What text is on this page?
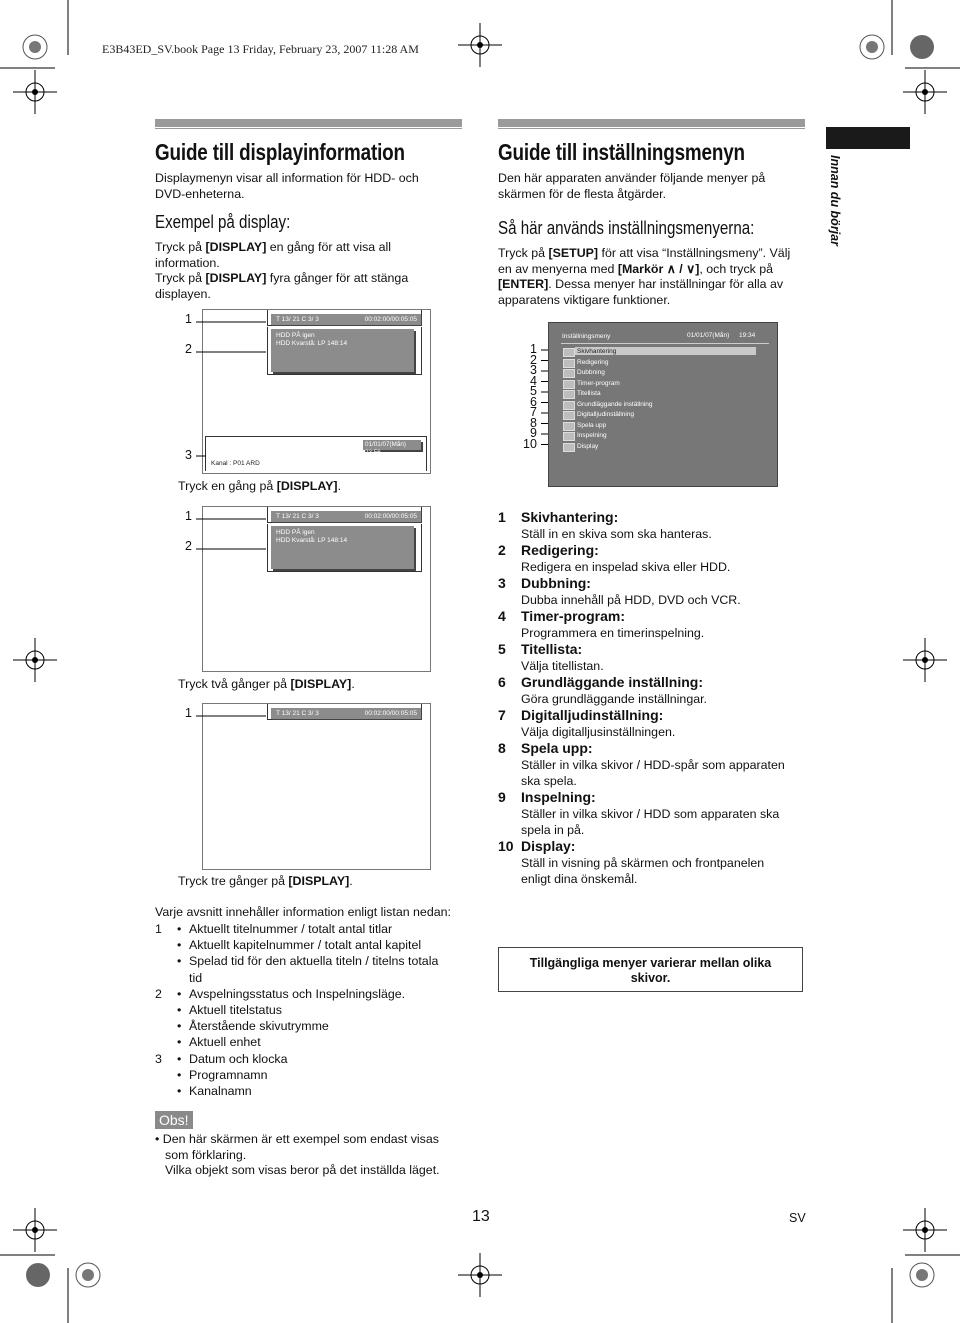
E3B43ED_SV.book Page 13 Friday, February 23, 2007 11:28 AM
Guide till displayinformation
Displaymenyn visar all information för HDD- och
DVD-enheterna.
Exempel på display:
Tryck på [DISPLAY] en gång för att visa all
information.
Tryck på [DISPLAY] fyra gånger för att stänga
displayen.
1
2
3
T 13/ 21 C 3/ 3	00:02:00/00:05:05
HDD PÅ igen
HDD Kvarstå: LP 148:14
01/01/07(Mån) 23:56
Kanal : P01 ARD
Tryck en gång på [DISPLAY].
1
2
T 13/ 21 C 3/ 3	00:02:00/00:05:05
HDD PÅ igen
HDD Kvarstå: LP 148:14
Tryck två gånger på [DISPLAY].
1	T 13/ 21 C 3/ 3	00:02:00/00:05:05
Tryck tre gånger på [DISPLAY].
Varje avsnitt innehåller information enligt listan nedan:
1 • Aktuellt titelnummer / totalt antal titlar
• Aktuellt kapitelnummer / totalt antal kapitel
• Spelad tid för den aktuella titeln / titelns totala
tid
2 • Avspelningsstatus och Inspelningsläge.
• Aktuell titelstatus
• Återstående skivutrymme
• Aktuell enhet
3 • Datum och klocka
• Programnamn
• Kanalnamn
Obs!
• Den här skärmen är ett exempel som endast visas
som förklaring.
Vilka objekt som visas beror på det inställda läget.
Guide till inställningsmenyn
Den här apparaten använder följande menyer på
skärmen för de flesta åtgärder.
Så här används inställningsmenyerna:
Tryck på [SETUP] för att visa “Inställningsmeny”. Välj
en av menyerna med [Markör ∧ / ∨], och tryck på
[ENTER]. Dessa menyer har inställningar för alla av
apparatens viktigare funktioner.
1
2
3
4
5
6
7
8
9
10
Inställningsmeny	01/01/07(Mån) 19:34
Skivhantering
Redigering
Dubbning
Timer-program
Titellista
Grundläggande inställning
Digitalljudinställning
Spela upp
Inspelning
Display
1 Skivhantering:
Ställ in en skiva som ska hanteras.
2 Redigering:
Redigera en inspelad skiva eller HDD.
3 Dubbning:
Dubba innehåll på HDD, DVD och VCR.
4 Timer-program:
Programmera en timerinspelning.
5 Titellista:
Välja titellistan.
6 Grundläggande inställning:
Göra grundläggande inställningar.
7 Digitalljudinställning:
Välja digitalljusinställningen.
8 Spela upp:
Ställer in vilka skivor / HDD-spår som apparaten
ska spela.
9 Inspelning:
Ställer in vilka skivor / HDD som apparaten ska
spela in på.
10 Display:
Ställ in visning på skärmen och frontpanelen
enligt dina önskemål.
Tillgängliga menyer varierar mellan olika
skivor.
Innan du börjar
13	SV
